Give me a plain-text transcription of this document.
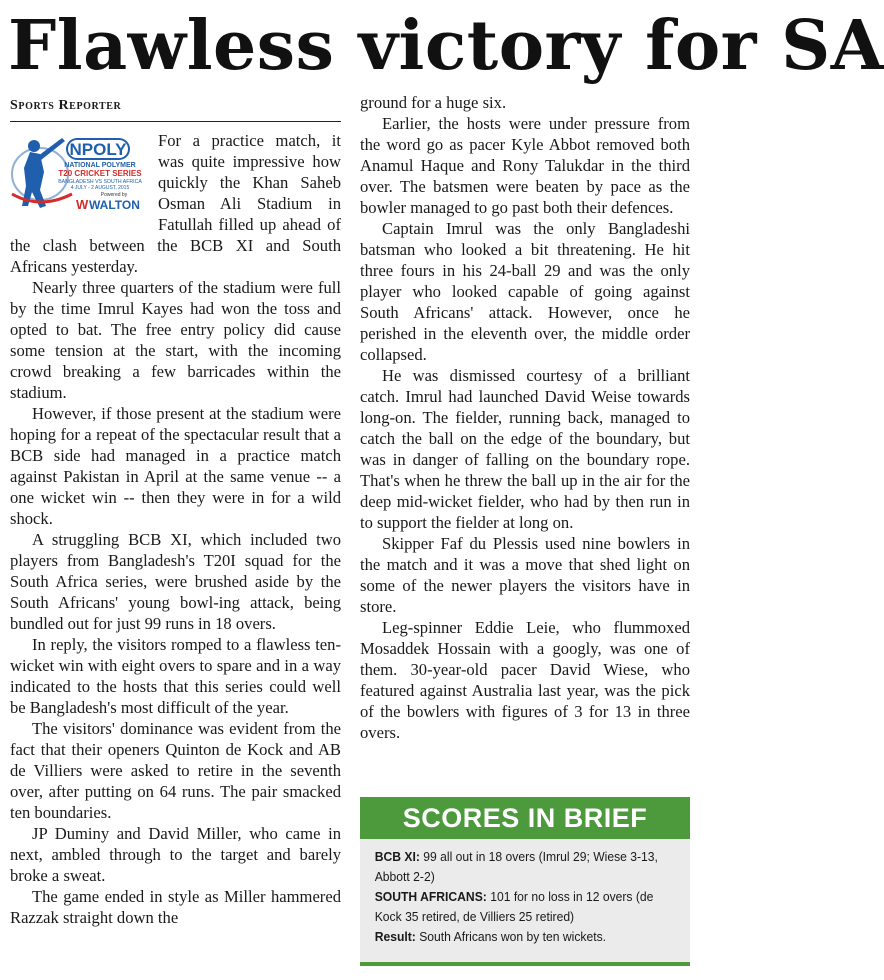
Flawless victory for SA
Sports Reporter
NPOLY
NATIONAL POLYMER
T20 CRICKET SERIES
BANGLADESH VS SOUTH AFRICA
4 JULY - 2 AUGUST, 2015
Powered by
W WALTON

For a practice match, it was quite impressive how quickly the Khan Saheb Osman Ali Stadium in Fatullah filled up ahead of the clash between the BCB XI and South Africans yesterday.

Nearly three quarters of the stadium were full by the time Imrul Kayes had won the toss and opted to bat. The free entry policy did cause some tension at the start, with the incoming crowd breaking a few barricades within the stadium.

However, if those present at the stadium were hoping for a repeat of the spectacular result that a BCB side had managed in a practice match against Pakistan in April at the same venue -- a one wicket win -- then they were in for a wild shock.

A struggling BCB XI, which included two players from Bangladesh's T20I squad for the South Africa series, were brushed aside by the South Africans' young bowl-ing attack, being bundled out for just 99 runs in 18 overs.

In reply, the visitors romped to a flawless ten-wicket win with eight overs to spare and in a way indicated to the hosts that this series could well be Bangladesh's most difficult of the year.

The visitors' dominance was evident from the fact that their openers Quinton de Kock and AB de Villiers were asked to retire in the seventh over, after putting on 64 runs. The pair smacked ten boundaries.

JP Duminy and David Miller, who came in next, ambled through to the target and barely broke a sweat.

The game ended in style as Miller hammered Razzak straight down the

ground for a huge six.

Earlier, the hosts were under pressure from the word go as pacer Kyle Abbot removed both Anamul Haque and Rony Talukdar in the third over. The batsmen were beaten by pace as the bowler managed to go past both their defences.

Captain Imrul was the only Bangladeshi batsman who looked a bit threatening. He hit three fours in his 24-ball 29 and was the only player who looked capable of going against South Africans' attack. However, once he perished in the eleventh over, the middle order collapsed.

He was dismissed courtesy of a brilliant catch. Imrul had launched David Weise towards long-on. The fielder, running back, managed to catch the ball on the edge of the boundary, but was in danger of falling on the boundary rope. That's when he threw the ball up in the air for the deep mid-wicket fielder, who had by then run in to support the fielder at long on.

Skipper Faf du Plessis used nine bowlers in the match and it was a move that shed light on some of the newer players the visitors have in store.

Leg-spinner Eddie Leie, who flummoxed Mosaddek Hossain with a googly, was one of them. 30-year-old pacer David Wiese, who featured against Australia last year, was the pick of the bowlers with figures of 3 for 13 in three overs.

SCORES IN BRIEF
BCB XI: 99 all out in 18 overs (Imrul 29; Wiese 3-13, Abbott 2-2)
SOUTH AFRICANS: 101 for no loss in 12 overs (de Kock 35 retired, de Villiers 25 retired)
Result: South Africans won by ten wickets.
